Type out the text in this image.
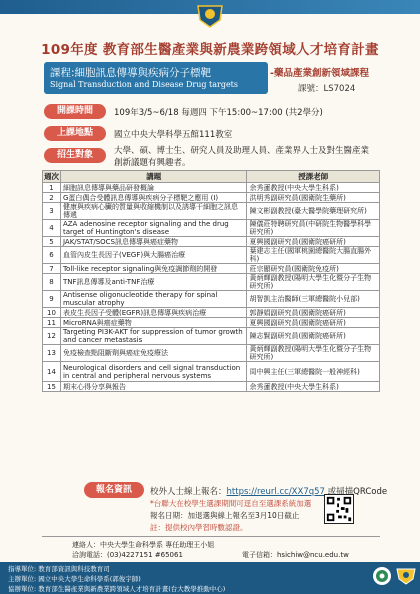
109年度 教育部生醫產業與新農業跨領域人才培育計畫
課程:細胞訊息傳導與疾病分子標靶
Signal Transduction and Disease Drug targets
-藥品產業創新領域課程
課號：LS7024
開課時間	109年3/5~6/18 每週四 下午15:00~17:00 (共2學分)
上課地點	國立中央大學科學五館111教室
招生對象	大學、碩、博士生、研究人員及助理人員、產業界人士及對生醫產業創新議題有興趣者。
週次	講題	授課老師
1	細胞訊息傳導與藥品研發概論	余秀蓮教授(中央大學生科系)
2	G蛋白偶合受體訊息傳導與疾病分子標靶之應用 (I)	洪明秀副研究員(國衛院生藥所)
3	健康與疾病心臟的質量與收縮機制以及誘導干細胞之訊息傳遞	陳文彬副教授(臺大醫學院藥理研究所)
4	AZA adenosine receptor signaling and the drug target of Huntington's disease	陳儀莊特聘研究員(中研院生物醫學科學研究所)
5	JAK/STAT/SOCS訊息傳導與癌症藥物	夏興國副研究員(國衛院癌研所)
6	血管內皮生長因子(VEGF)與大腸癌治療	葉建志主任(國軍桃園總醫院大腸直腸外科)
7	Toll-like receptor signaling與免疫調節劑的開發	莊宗顯研究員(國衛院免疫所)
8	TNF訊息傳導及anti-TNF治療	黃炳輝副教授(陽明大學生化暨分子生物研究所)
9	Antisense oligonucleotide therapy for spinal muscular atrophy	胡智凱主治醫師(三軍總醫院小兒部)
10	表皮生長因子受體(EGFR)訊息傳導與疾病治療	郭靜娟副研究員(國衛院癌研所)
11	MicroRNA與癌症藥物	夏興國副研究員(國衛院癌研所)
12	Targeting PI3K-AKT for suppression of tumor growth and cancer metastasis	陳志賢副研究員(國衛院癌研所)
13	免疫檢查點阻斷劑與癌症免疫療法	黃炳輝副教授(陽明大學生化暨分子生物研究所)
14	Neurological disorders and cell signal transduction in central and peripheral nervous systems	周中興主任(三軍總醫院一般神經科)
15	期末心得分享與報告	余秀蓮教授(中央大學生科系)
報名資訊	校外人士線上報名：https://reurl.cc/XX7q57 或掃描QRCode
*台聯大在校學生選課期間可逕自至選課系統加選
報名日期：加退選與線上報名至3月10日截止
註：提供校內學習時數認證。
連絡人：中央大學生命科學系 專任助理王小姐
洽詢電話：(03)4227151 #65061	電子信箱：hsichiw@ncu.edu.tw
指導單位: 教育部資訊與科技教育司
主辦單位: 國立中央大學生命科學系(郭俊宇師)
協辦單位: 教育部生醫產業與新農業跨領域人才培育計畫(台大教學推動中心)
